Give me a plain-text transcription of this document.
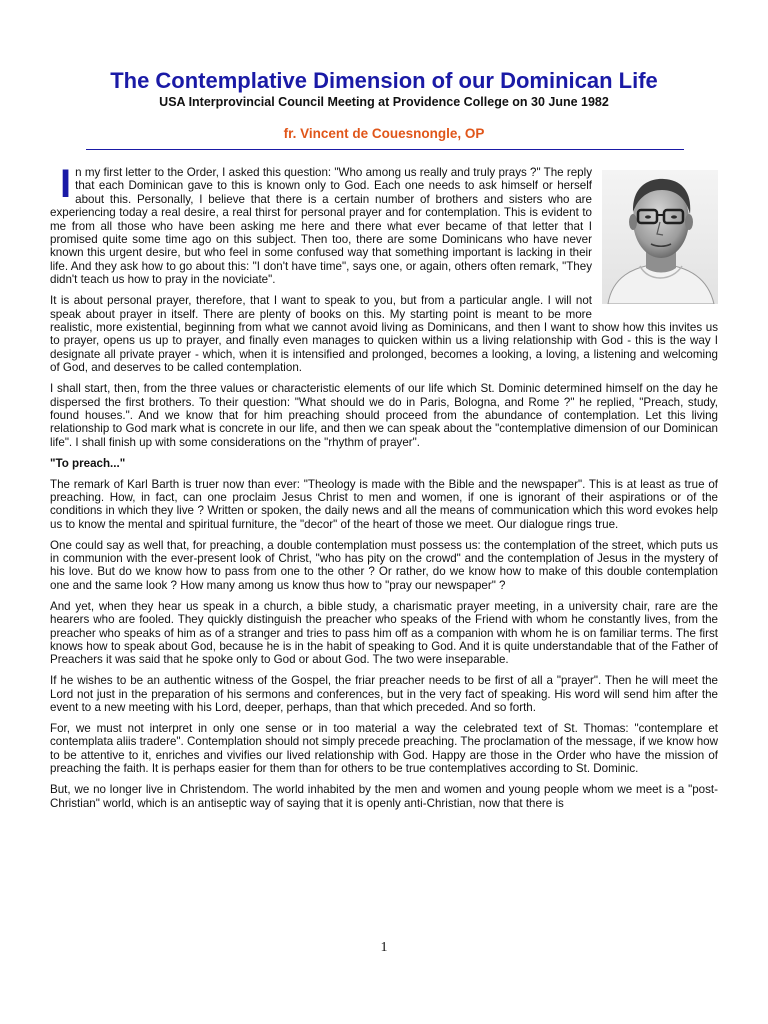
The Contemplative Dimension of our Dominican Life
USA Interprovincial Council Meeting at Providence College on 30 June 1982
fr. Vincent de Couesnongle, OP

In my first letter to the Order, I asked this question: "Who among us really and truly prays ?" The reply that each Dominican gave to this is known only to God. Each one needs to ask himself or herself about this. Personally, I believe that there is a certain number of brothers and sisters who are experiencing today a real desire, a real thirst for personal prayer and for contemplation. This is evident to me from all those who have been asking me here and there what ever became of that letter that I promised quite some time ago on this subject. Then too, there are some Dominicans who have never known this urgent desire, but who feel in some confused way that something important is lacking in their life. And they ask how to go about this: "I don't have time", says one, or again, others often remark, "They didn't teach us how to pray in the noviciate".

It is about personal prayer, therefore, that I want to speak to you, but from a particular angle. I will not speak about prayer in itself. There are plenty of books on this. My starting point is meant to be more realistic, more existential, beginning from what we cannot avoid living as Dominicans, and then I want to show how this invites us to prayer, opens us up to prayer, and finally even manages to quicken within us a living relationship with God - this is the way I designate all private prayer - which, when it is intensified and prolonged, becomes a looking, a loving, a listening and welcoming of God, and deserves to be called contemplation.

I shall start, then, from the three values or characteristic elements of our life which St. Dominic determined himself on the day he dispersed the first brothers. To their question: "What should we do in Paris, Bologna, and Rome ?" he replied, "Preach, study, found houses.". And we know that for him preaching should proceed from the abundance of contemplation. Let this living relationship to God mark what is concrete in our life, and then we can speak about the "contemplative dimension of our Dominican life". I shall finish up with some considerations on the "rhythm of prayer".

"To preach..."

The remark of Karl Barth is truer now than ever: "Theology is made with the Bible and the newspaper". This is at least as true of preaching. How, in fact, can one proclaim Jesus Christ to men and women, if one is ignorant of their aspirations or of the conditions in which they live ? Written or spoken, the daily news and all the means of communication which this word evokes help us to know the mental and spiritual furniture, the "decor" of the heart of those we meet. Our dialogue rings true.

One could say as well that, for preaching, a double contemplation must possess us: the contemplation of the street, which puts us in communion with the ever-present look of Christ, "who has pity on the crowd" and the contemplation of Jesus in the mystery of his love. But do we know how to pass from one to the other ? Or rather, do we know how to make of this double contemplation one and the same look ? How many among us know thus how to "pray our newspaper" ?

And yet, when they hear us speak in a church, a bible study, a charismatic prayer meeting, in a university chair, rare are the hearers who are fooled. They quickly distinguish the preacher who speaks of the Friend with whom he constantly lives, from the preacher who speaks of him as of a stranger and tries to pass him off as a companion with whom he is on familiar terms. The first knows how to speak about God, because he is in the habit of speaking to God. And it is quite understandable that of the Father of Preachers it was said that he spoke only to God or about God. The two were inseparable.

If he wishes to be an authentic witness of the Gospel, the friar preacher needs to be first of all a "prayer". Then he will meet the Lord not just in the preparation of his sermons and conferences, but in the very fact of speaking. His word will send him after the event to a new meeting with his Lord, deeper, perhaps, than that which preceded. And so forth.

For, we must not interpret in only one sense or in too material a way the celebrated text of St. Thomas: "contemplare et contemplata aliis tradere". Contemplation should not simply precede preaching. The proclamation of the message, if we know how to be attentive to it, enriches and vivifies our lived relationship with God. Happy are those in the Order who have the mission of preaching the faith. It is perhaps easier for them than for others to be true contemplatives according to St. Dominic.

But, we no longer live in Christendom. The world inhabited by the men and women and young people whom we meet is a "post-Christian" world, which is an antiseptic way of saying that it is openly anti-Christian, now that there is

1
